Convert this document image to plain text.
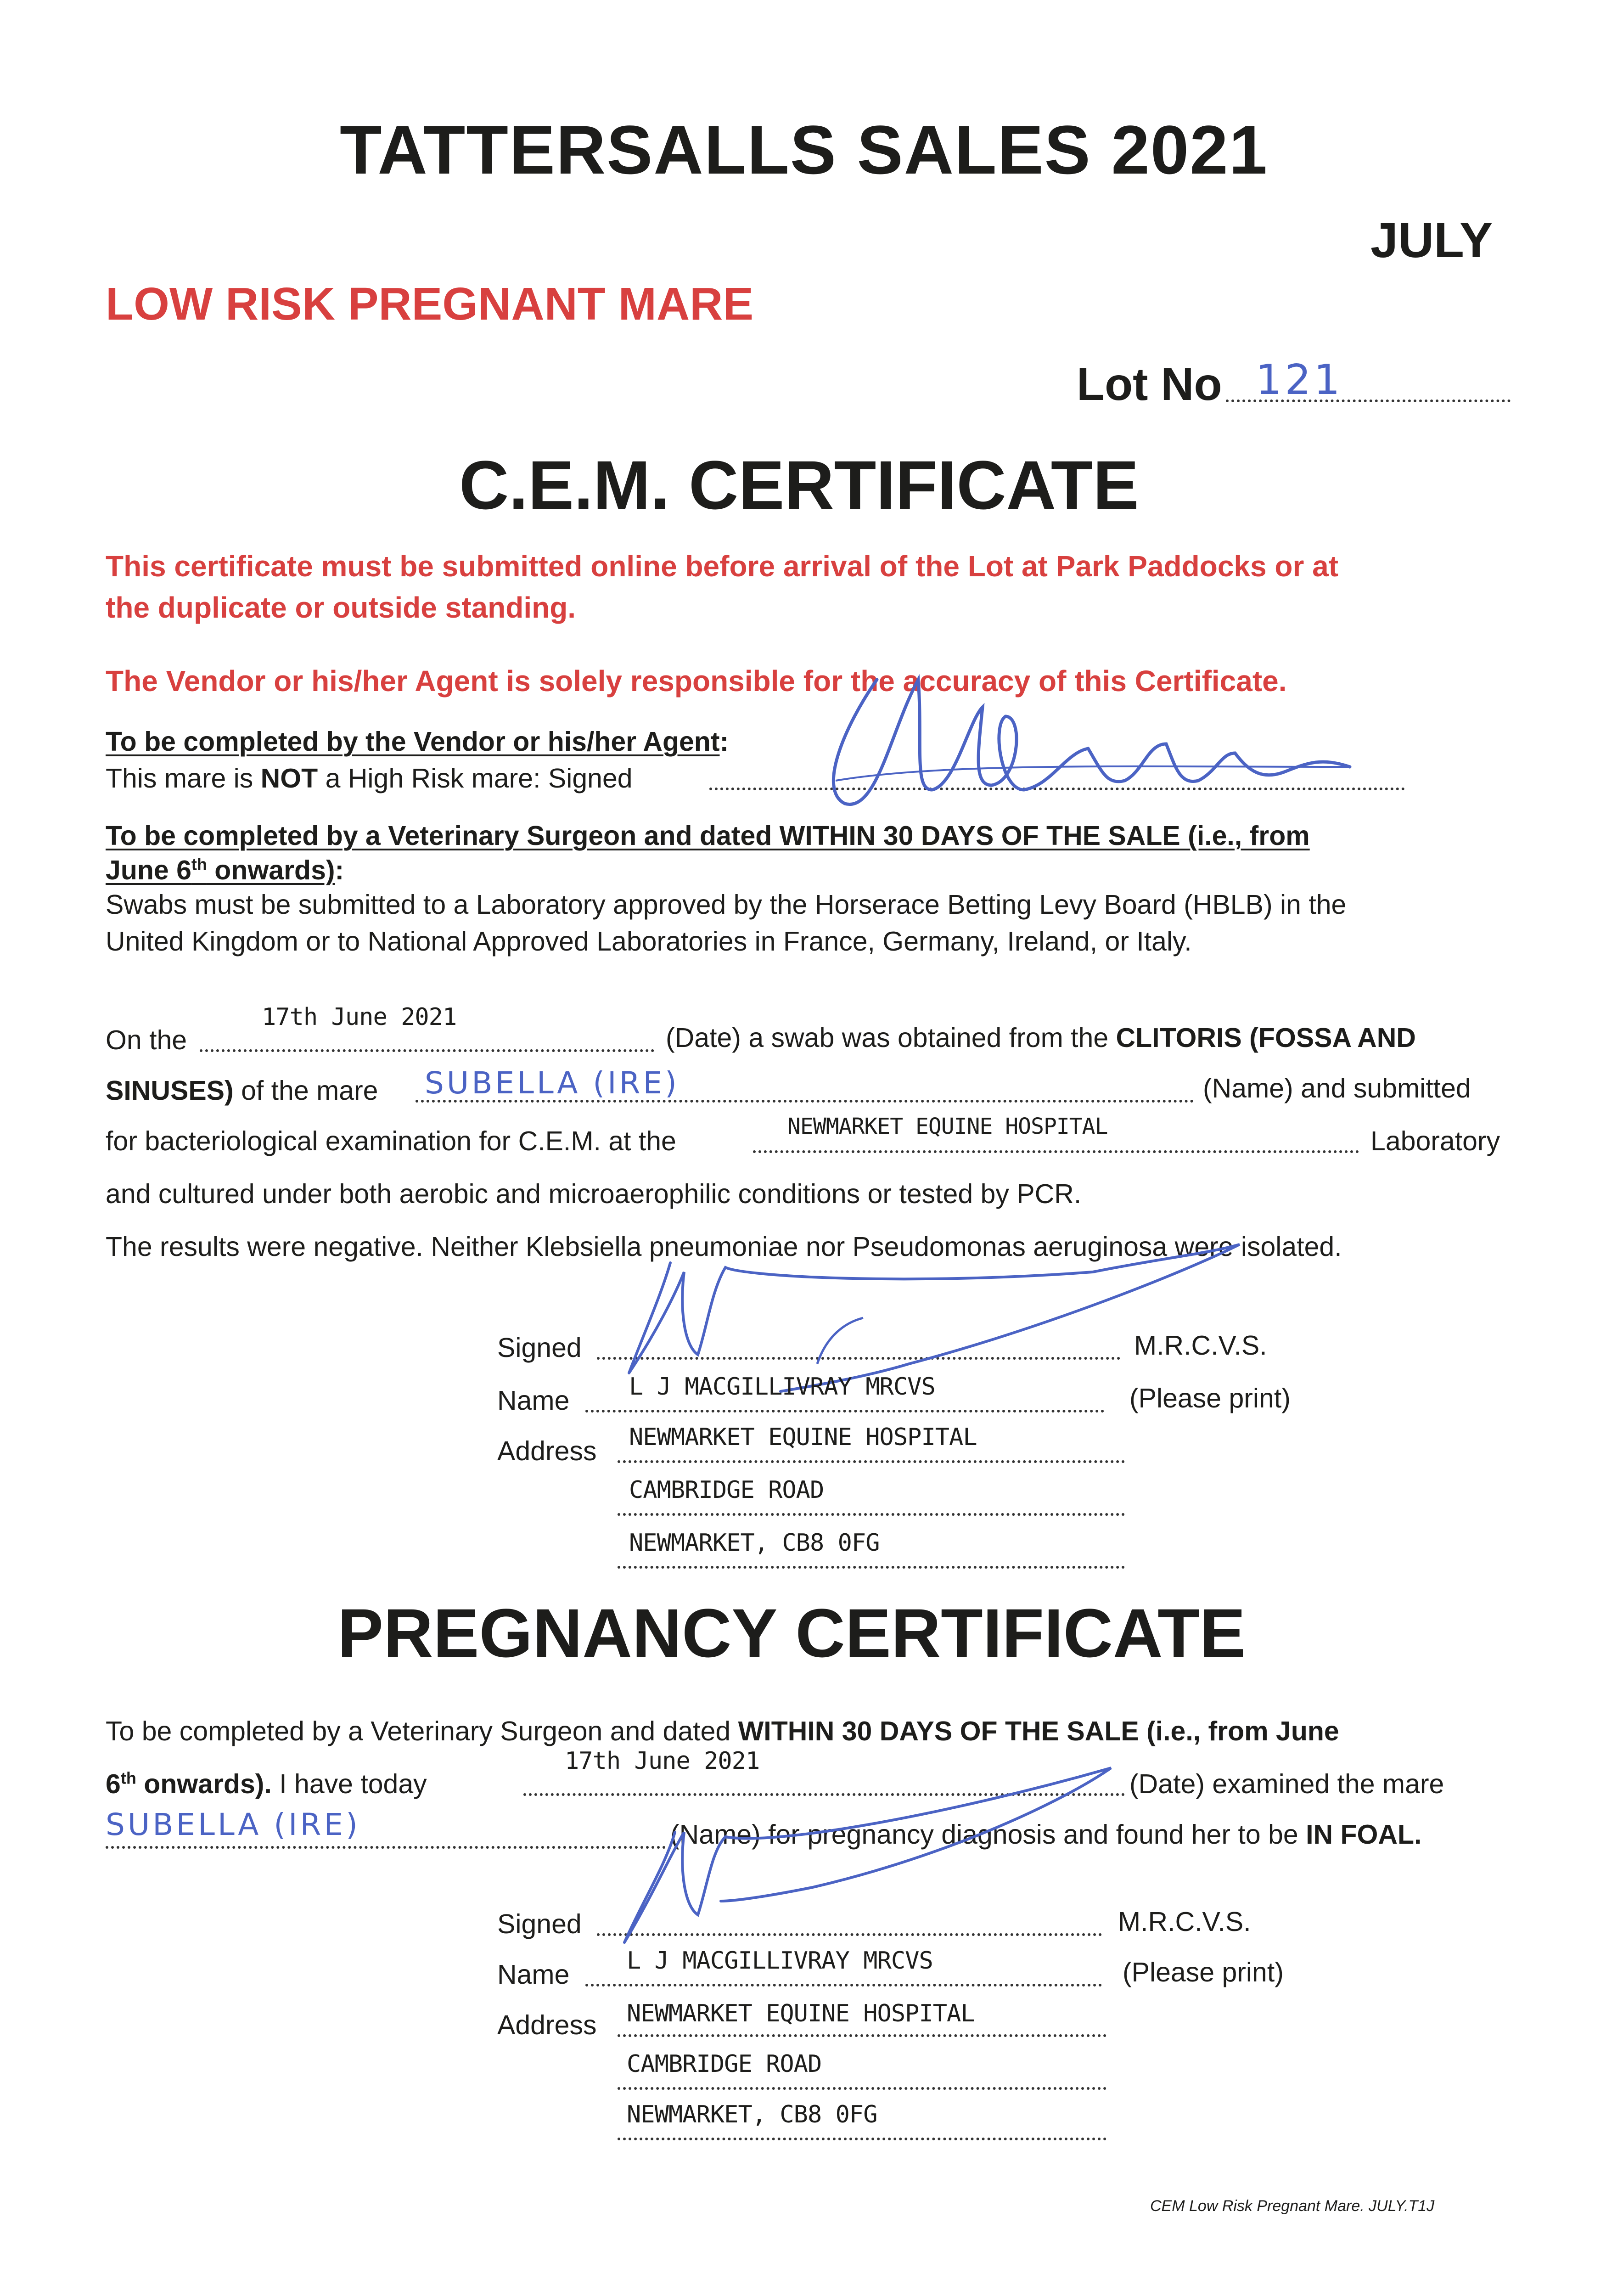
TATTERSALLS SALES 2021
JULY
LOW RISK PREGNANT MARE
Lot No 121
C.E.M. CERTIFICATE
This certificate must be submitted online before arrival of the Lot at Park Paddocks or at
the duplicate or outside standing.
The Vendor or his/her Agent is solely responsible for the accuracy of this Certificate.
To be completed by the Vendor or his/her Agent:
This mare is NOT a High Risk mare: Signed
To be completed by a Veterinary Surgeon and dated WITHIN 30 DAYS OF THE SALE (i.e., from
June 6th onwards):
Swabs must be submitted to a Laboratory approved by the Horserace Betting Levy Board (HBLB) in the
United Kingdom or to National Approved Laboratories in France, Germany, Ireland, or Italy.
On the
17th June 2021
(Date) a swab was obtained from the CLITORIS (FOSSA AND
SINUSES) of the mare SUBELLA (IRE)	(Name) and submitted
for bacteriological examination for C.E.M. at the	NEWMARKET EQUINE HOSPITAL	Laboratory
and cultured under both aerobic and microaerophilic conditions or tested by PCR.
The results were negative. Neither Klebsiella pneumoniae nor Pseudomonas aeruginosa were isolated.
Signed	M.R.C.V.S.
Name L J MACGILLIVRAY MRCVS	(Please print)
Address NEWMARKET EQUINE HOSPITAL
CAMBRIDGE ROAD
NEWMARKET, CB8 0FG
PREGNANCY CERTIFICATE
To be completed by a Veterinary Surgeon and dated WITHIN 30 DAYS OF THE SALE (i.e., from June
6th onwards). I have today
17th June 2021
(Date) examined the mare
SUBELLA (IRE)	(Name) for pregnancy diagnosis and found her to be IN FOAL.
Signed	M.R.C.V.S.
Name L J MACGILLIVRAY MRCVS	(Please print)
Address NEWMARKET EQUINE HOSPITAL
CAMBRIDGE ROAD
NEWMARKET, CB8 0FG
CEM Low Risk Pregnant Mare. JULY.T1J
